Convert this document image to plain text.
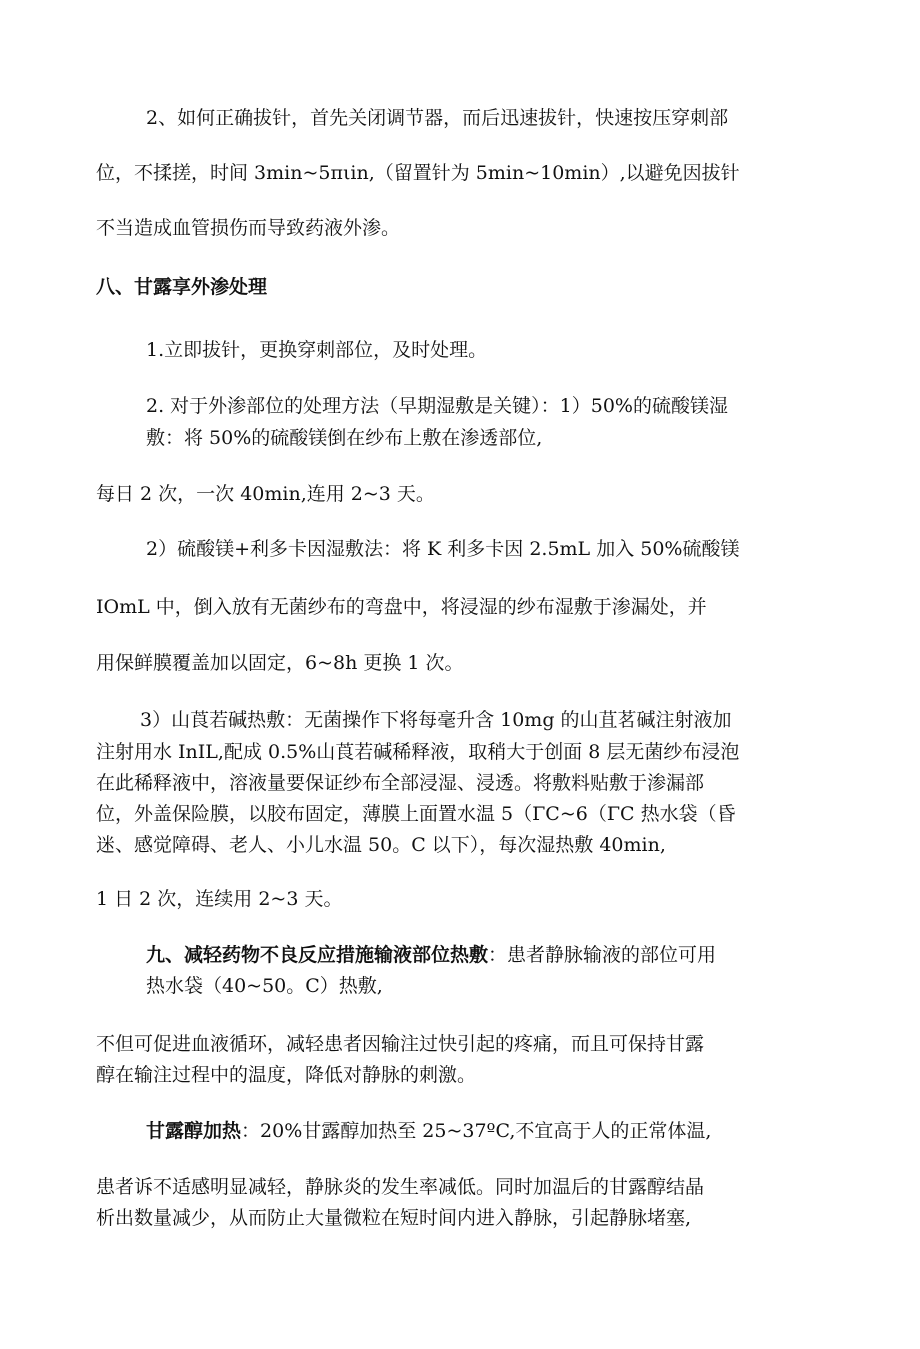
2、如何正确拔针，首先关闭调节器，而后迅速拔针，快速按压穿刺部
位，不揉搓，时间 3min~5πιin,（留置针为 5min~10min）,以避免因拔针
不当造成血管损伤而导致药液外渗。
八、甘露享外渗处理
1.立即拔针，更换穿刺部位，及时处理。
2. 对于外渗部位的处理方法（早期湿敷是关键）：1）50%的硫酸镁湿
敷：将 50%的硫酸镁倒在纱布上敷在渗透部位,
每日 2 次，一次 40min,连用 2~3 天。
2）硫酸镁+利多卡因湿敷法：将 K 利多卡因 2.5mL 加入 50%硫酸镁
IOmL 中，倒入放有无菌纱布的弯盘中，将浸湿的纱布湿敷于渗漏处，并
用保鲜膜覆盖加以固定，6~8h 更换 1 次。
3）山莨若碱热敷：无菌操作下将每毫升含 10mg 的山苴茗碱注射液加
注射用水 InIL,配成 0.5%山莨若碱稀释液，取稍大于创面 8 层无菌纱布浸泡
在此稀释液中，溶液量要保证纱布全部浸湿、浸透。将敷料贴敷于渗漏部
位，外盖保险膜，以胶布固定，薄膜上面置水温 5（ΓC~6（ΓC 热水袋（昏
迷、感觉障碍、老人、小儿水温 50。C 以下），每次湿热敷 40min,
1 日 2 次，连续用 2~3 天。
九、减轻药物不良反应措施输液部位热敷：患者静脉输液的部位可用
热水袋（40~50。C）热敷,
不但可促进血液循环，减轻患者因输注过快引起的疼痛，而且可保持甘露
醇在输注过程中的温度，降低对静脉的刺激。
甘露醇加热：20%甘露醇加热至 25~37ºC,不宜高于人的正常体温,
患者诉不适感明显减轻，静脉炎的发生率减低。同时加温后的甘露醇结晶
析出数量减少，从而防止大量微粒在短时间内进入静脉，引起静脉堵塞,
